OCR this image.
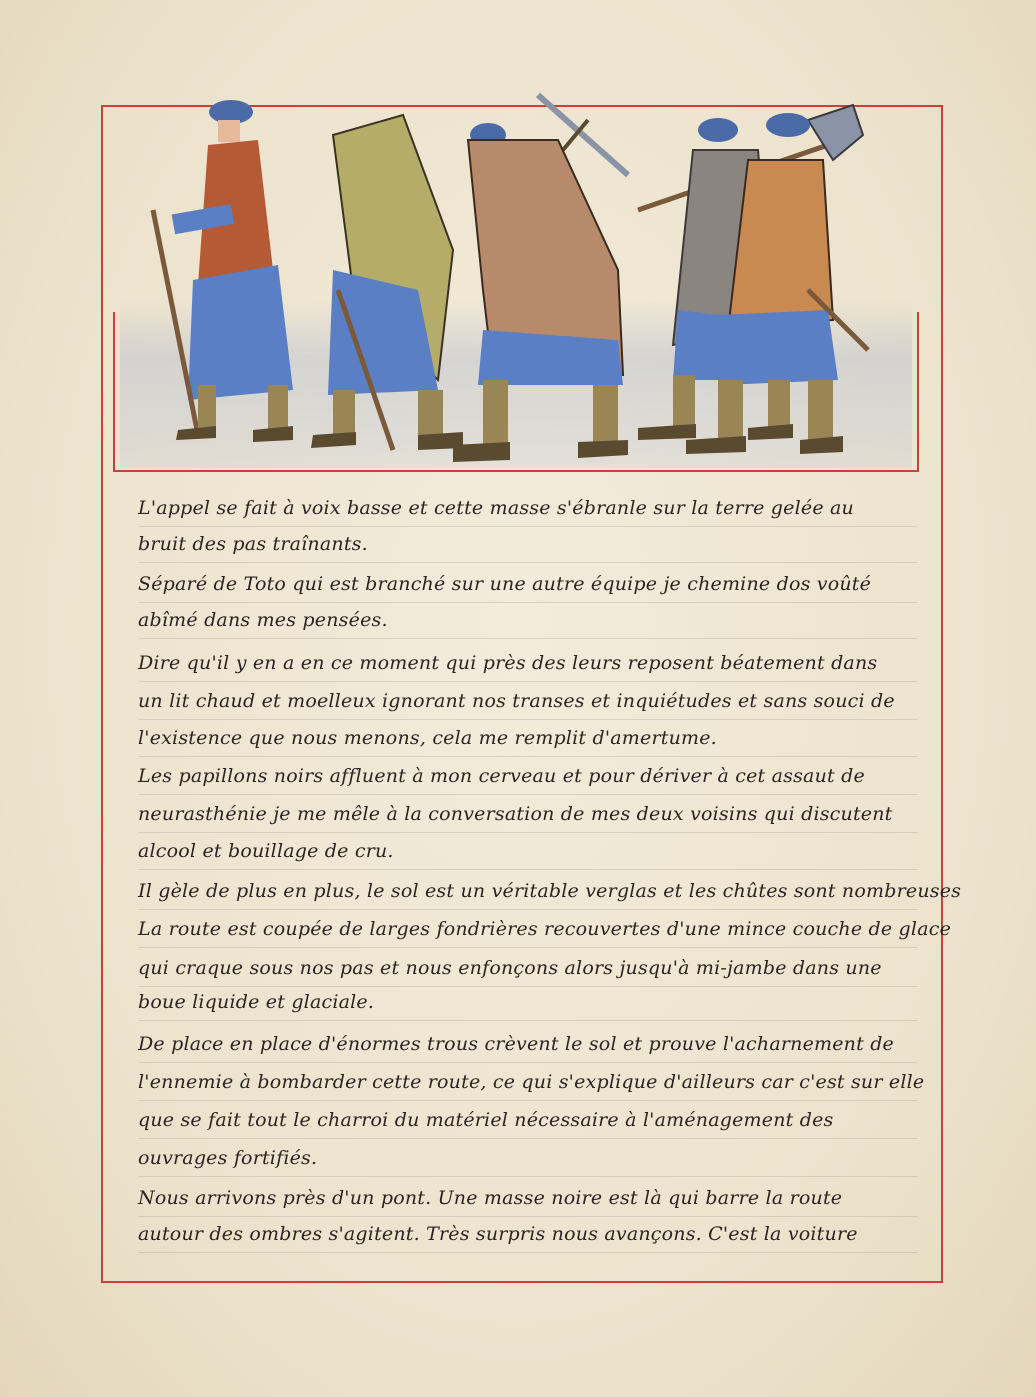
L'appel se fait à voix basse et cette masse s'ébranle sur la terre gelée au
bruit des pas traînants.
Séparé de Toto qui est branché sur une autre équipe je chemine dos voûté
abîmé dans mes pensées.
Dire qu'il y en a en ce moment qui près des leurs reposent béatement dans
un lit chaud et moelleux ignorant nos transes et inquiétudes et sans souci de
l'existence que nous menons, cela me remplit d'amertume.
Les papillons noirs affluent à mon cerveau et pour dériver à cet assaut de
neurasthénie je me mêle à la conversation de mes deux voisins qui discutent
alcool et bouillage de cru.
Il gèle de plus en plus, le sol est un véritable verglas et les chûtes sont nombreuses
La route est coupée de larges fondrières recouvertes d'une mince couche de glace
qui craque sous nos pas et nous enfonçons alors jusqu'à mi-jambe dans une
boue liquide et glaciale.
De place en place d'énormes trous crèvent le sol et prouve l'acharnement de
l'ennemie à bombarder cette route, ce qui s'explique d'ailleurs car c'est sur elle
que se fait tout le charroi du matériel nécessaire à l'aménagement des
ouvrages fortifiés.
Nous arrivons près d'un pont. Une masse noire est là qui barre la route
autour des ombres s'agitent. Très surpris nous avançons. C'est la voiture
